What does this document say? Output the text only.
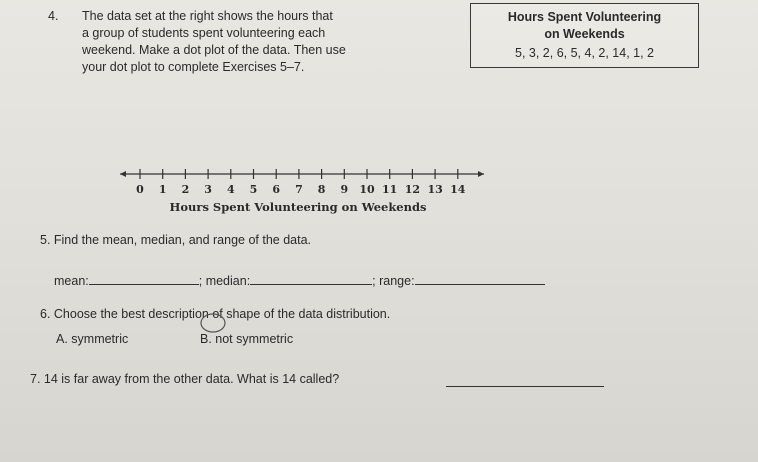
4. The data set at the right shows the hours that
a group of students spent volunteering each
weekend. Make a dot plot of the data. Then use
your dot plot to complete Exercises 5–7.
Hours Spent Volunteering
on Weekends
5, 3, 2, 6, 5, 4, 2, 14, 1, 2
0 1 2 3 4 5 6 7 8 9 10 11 12 13 14
Hours Spent Volunteering on Weekends
5. Find the mean, median, and range of the data.
mean:	; median:	; range:
6. Choose the best description of shape of the data distribution.
A. symmetric	B. not symmetric
7. 14 is far away from the other data. What is 14 called?
